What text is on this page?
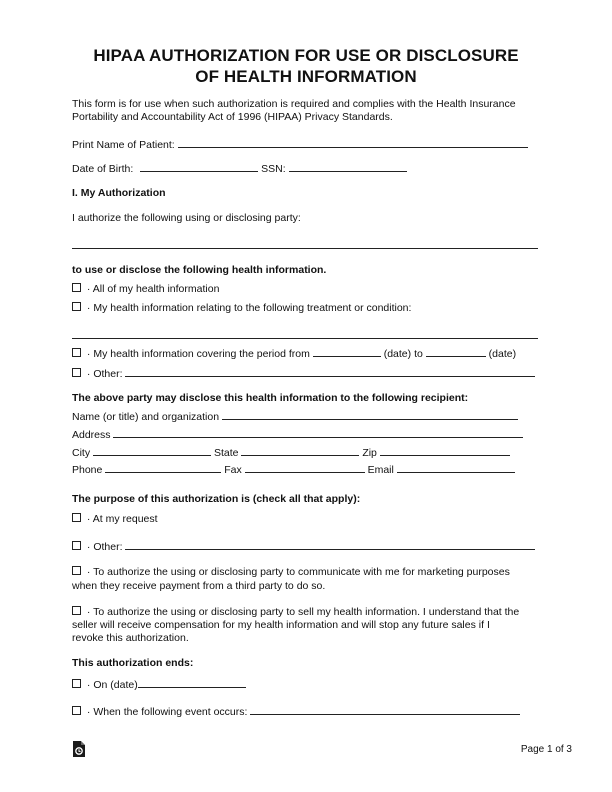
HIPAA AUTHORIZATION FOR USE OR DISCLOSURE
OF HEALTH INFORMATION
This form is for use when such authorization is required and complies with the Health Insurance
Portability and Accountability Act of 1996 (HIPAA) Privacy Standards.
Print Name of Patient:
Date of Birth:	SSN:
I. My Authorization
I authorize the following using or disclosing party:
to use or disclose the following health information.
· All of my health information
· My health information relating to the following treatment or condition:
· My health information covering the period from	(date) to	(date)
· Other:
The above party may disclose this health information to the following recipient:
Name (or title) and organization
Address
City	State	Zip
Phone	Fax	Email
The purpose of this authorization is (check all that apply):
· At my request
· Other:
· To authorize the using or disclosing party to communicate with me for marketing purposes
when they receive payment from a third party to do so.
· To authorize the using or disclosing party to sell my health information. I understand that the
seller will receive compensation for my health information and will stop any future sales if I
revoke this authorization.
This authorization ends:
· On (date)
· When the following event occurs:
Page 1 of 3
